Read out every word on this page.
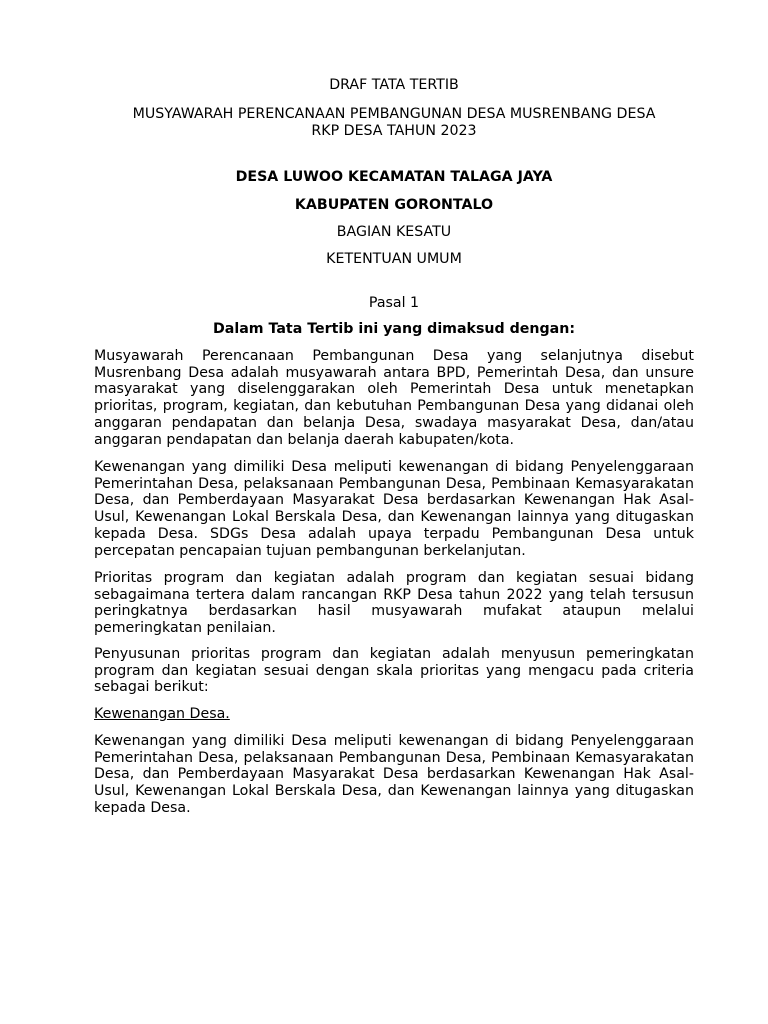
DRAF TATA TERTIB

MUSYAWARAH PERENCANAAN PEMBANGUNAN DESA MUSRENBANG DESA

RKP DESA TAHUN 2023

DESA LUWOO KECAMATAN TALAGA JAYA

KABUPATEN GORONTALO

BAGIAN KESATU

KETENTUAN UMUM

Pasal 1

Dalam Tata Tertib ini yang dimaksud dengan:

Musyawarah Perencanaan Pembangunan Desa yang selanjutnya disebut Musrenbang Desa adalah musyawarah antara BPD, Pemerintah Desa, dan unsure masyarakat yang diselenggarakan oleh Pemerintah Desa untuk menetapkan prioritas, program, kegiatan, dan kebutuhan Pembangunan Desa yang didanai oleh anggaran pendapatan dan belanja Desa, swadaya masyarakat Desa, dan/atau anggaran pendapatan dan belanja daerah kabupaten/kota.

Kewenangan yang dimiliki Desa meliputi kewenangan di bidang Penyelenggaraan Pemerintahan Desa, pelaksanaan Pembangunan Desa, Pembinaan Kemasyarakatan Desa, dan Pemberdayaan Masyarakat Desa berdasarkan Kewenangan Hak Asal-Usul, Kewenangan Lokal Berskala Desa, dan Kewenangan lainnya yang ditugaskan kepada Desa. SDGs Desa adalah upaya terpadu Pembangunan Desa untuk percepatan pencapaian tujuan pembangunan berkelanjutan.

Prioritas program dan kegiatan adalah program dan kegiatan sesuai bidang sebagaimana tertera dalam rancangan RKP Desa tahun 2022 yang telah tersusun peringkatnya berdasarkan hasil musyawarah mufakat ataupun melalui pemeringkatan penilaian.

Penyusunan prioritas program dan kegiatan adalah menyusun pemeringkatan program dan kegiatan sesuai dengan skala prioritas yang mengacu pada criteria sebagai berikut:

Kewenangan Desa.

Kewenangan yang dimiliki Desa meliputi kewenangan di bidang Penyelenggaraan Pemerintahan Desa, pelaksanaan Pembangunan Desa, Pembinaan Kemasyarakatan Desa, dan Pemberdayaan Masyarakat Desa berdasarkan Kewenangan Hak Asal-Usul, Kewenangan Lokal Berskala Desa, dan Kewenangan lainnya yang ditugaskan kepada Desa.
